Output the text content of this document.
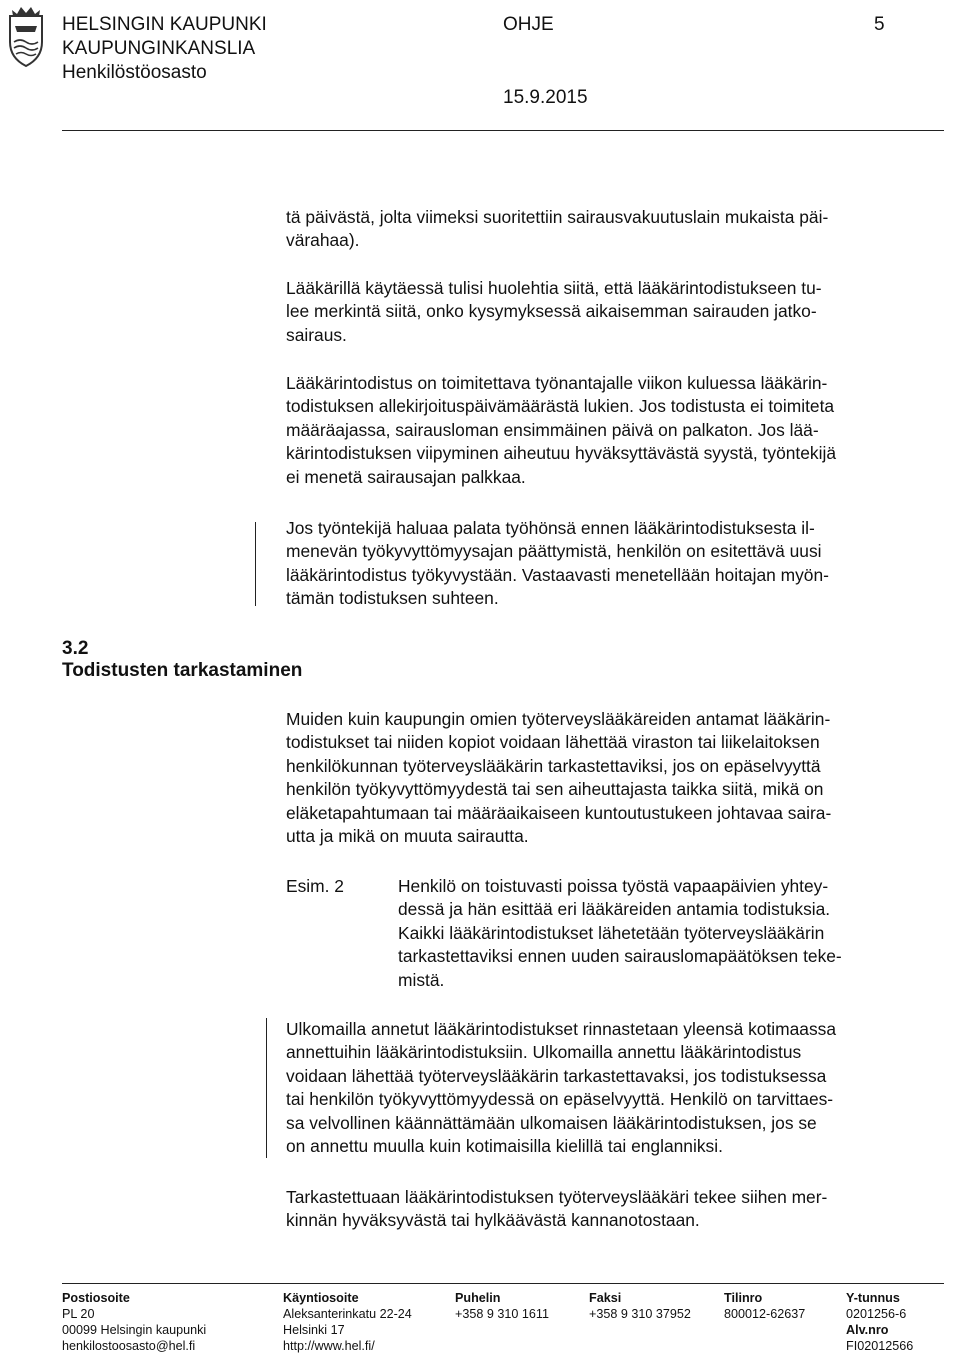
HELSINGIN KAUPUNKI
KAUPUNGINKANSLIA
Henkilöstöosasto
OHJE	5
15.9.2015
tä päivästä, jolta viimeksi suoritettiin sairausvakuutuslain mukaista päi-
värahaa).
Lääkärillä käytäessä tulisi huolehtia siitä, että lääkärintodistukseen tu-
lee merkintä siitä, onko kysymyksessä aikaisemman sairauden jatko-
sairaus.
Lääkärintodistus on toimitettava työnantajalle viikon kuluessa lääkärin-
todistuksen allekirjoituspäivämäärästä lukien. Jos todistusta ei toimiteta
määräajassa, sairausloman ensimmäinen päivä on palkaton. Jos lää-
kärintodistuksen viipyminen aiheutuu hyväksyttävästä syystä, työntekijä
ei menetä sairausajan palkkaa.
Jos työntekijä haluaa palata työhönsä ennen lääkärintodistuksesta il-
menevän työkyvyttömyysajan päättymistä, henkilön on esitettävä uusi
lääkärintodistus työkyvystään. Vastaavasti menetellään hoitajan myön-
tämän todistuksen suhteen.
3.2
Todistusten tarkastaminen
Muiden kuin kaupungin omien työterveyslääkäreiden antamat lääkärin-
todistukset tai niiden kopiot voidaan lähettää viraston tai liikelaitoksen
henkilökunnan työterveyslääkärin tarkastettaviksi, jos on epäselvyyttä
henkilön työkyvyttömyydestä tai sen aiheuttajasta taikka siitä, mikä on
eläketapahtumaan tai määräaikaiseen kuntoutustukeen johtavaa saira-
utta ja mikä on muuta sairautta.
Esim. 2	Henkilö on toistuvasti poissa työstä vapaapäivien yhtey-
dessä ja hän esittää eri lääkäreiden antamia todistuksia.
Kaikki lääkärintodistukset lähetetään työterveyslääkärin
tarkastettaviksi ennen uuden sairauslomapäätöksen teke-
mistä.
Ulkomailla annetut lääkärintodistukset rinnastetaan yleensä kotimaassa
annettuihin lääkärintodistuksiin. Ulkomailla annettu lääkärintodistus
voidaan lähettää työterveyslääkärin tarkastettavaksi, jos todistuksessa
tai henkilön työkyvyttömyydessä on epäselvyyttä. Henkilö on tarvittaes-
sa velvollinen käännättämään ulkomaisen lääkärintodistuksen, jos se
on annettu muulla kuin kotimaisilla kielillä tai englanniksi.
Tarkastettuaan lääkärintodistuksen työterveyslääkäri tekee siihen mer-
kinnän hyväksyvästä tai hylkäävästä kannanotostaan.
Postiosoite
PL 20
00099 Helsingin kaupunki
henkilostoosasto@hel.fi
Käyntiosoite
Aleksanterinkatu 22-24
Helsinki 17
http://www.hel.fi/
Puhelin
+358 9 310 1611
Faksi
+358 9 310 37952
Tilinro
800012-62637
Y-tunnus
0201256-6
Alv.nro
FI02012566
